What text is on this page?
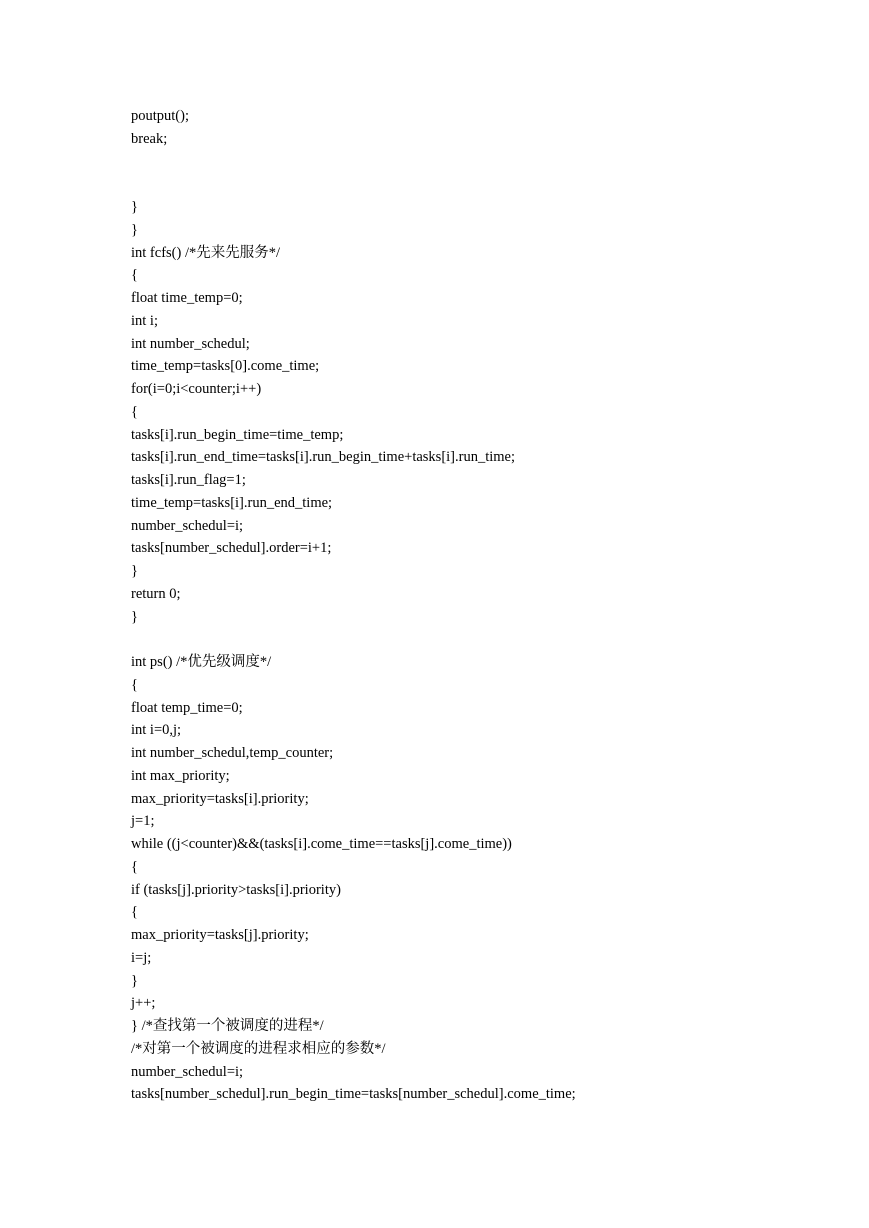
poutput();
break;
}
}
int fcfs() /*先来先服务*/
{
float time_temp=0;
int i;
int number_schedul;
time_temp=tasks[0].come_time;
for(i=0;i<counter;i++)
{
tasks[i].run_begin_time=time_temp;
tasks[i].run_end_time=tasks[i].run_begin_time+tasks[i].run_time;
tasks[i].run_flag=1;
time_temp=tasks[i].run_end_time;
number_schedul=i;
tasks[number_schedul].order=i+1;
}
return 0;
}
int ps() /*优先级调度*/
{
float temp_time=0;
int i=0,j;
int number_schedul,temp_counter;
int max_priority;
max_priority=tasks[i].priority;
j=1;
while ((j<counter)&&(tasks[i].come_time==tasks[j].come_time))
{
if (tasks[j].priority>tasks[i].priority)
{
max_priority=tasks[j].priority;
i=j;
}
j++;
} /*查找第一个被调度的进程*/
/*对第一个被调度的进程求相应的参数*/
number_schedul=i;
tasks[number_schedul].run_begin_time=tasks[number_schedul].come_time;
